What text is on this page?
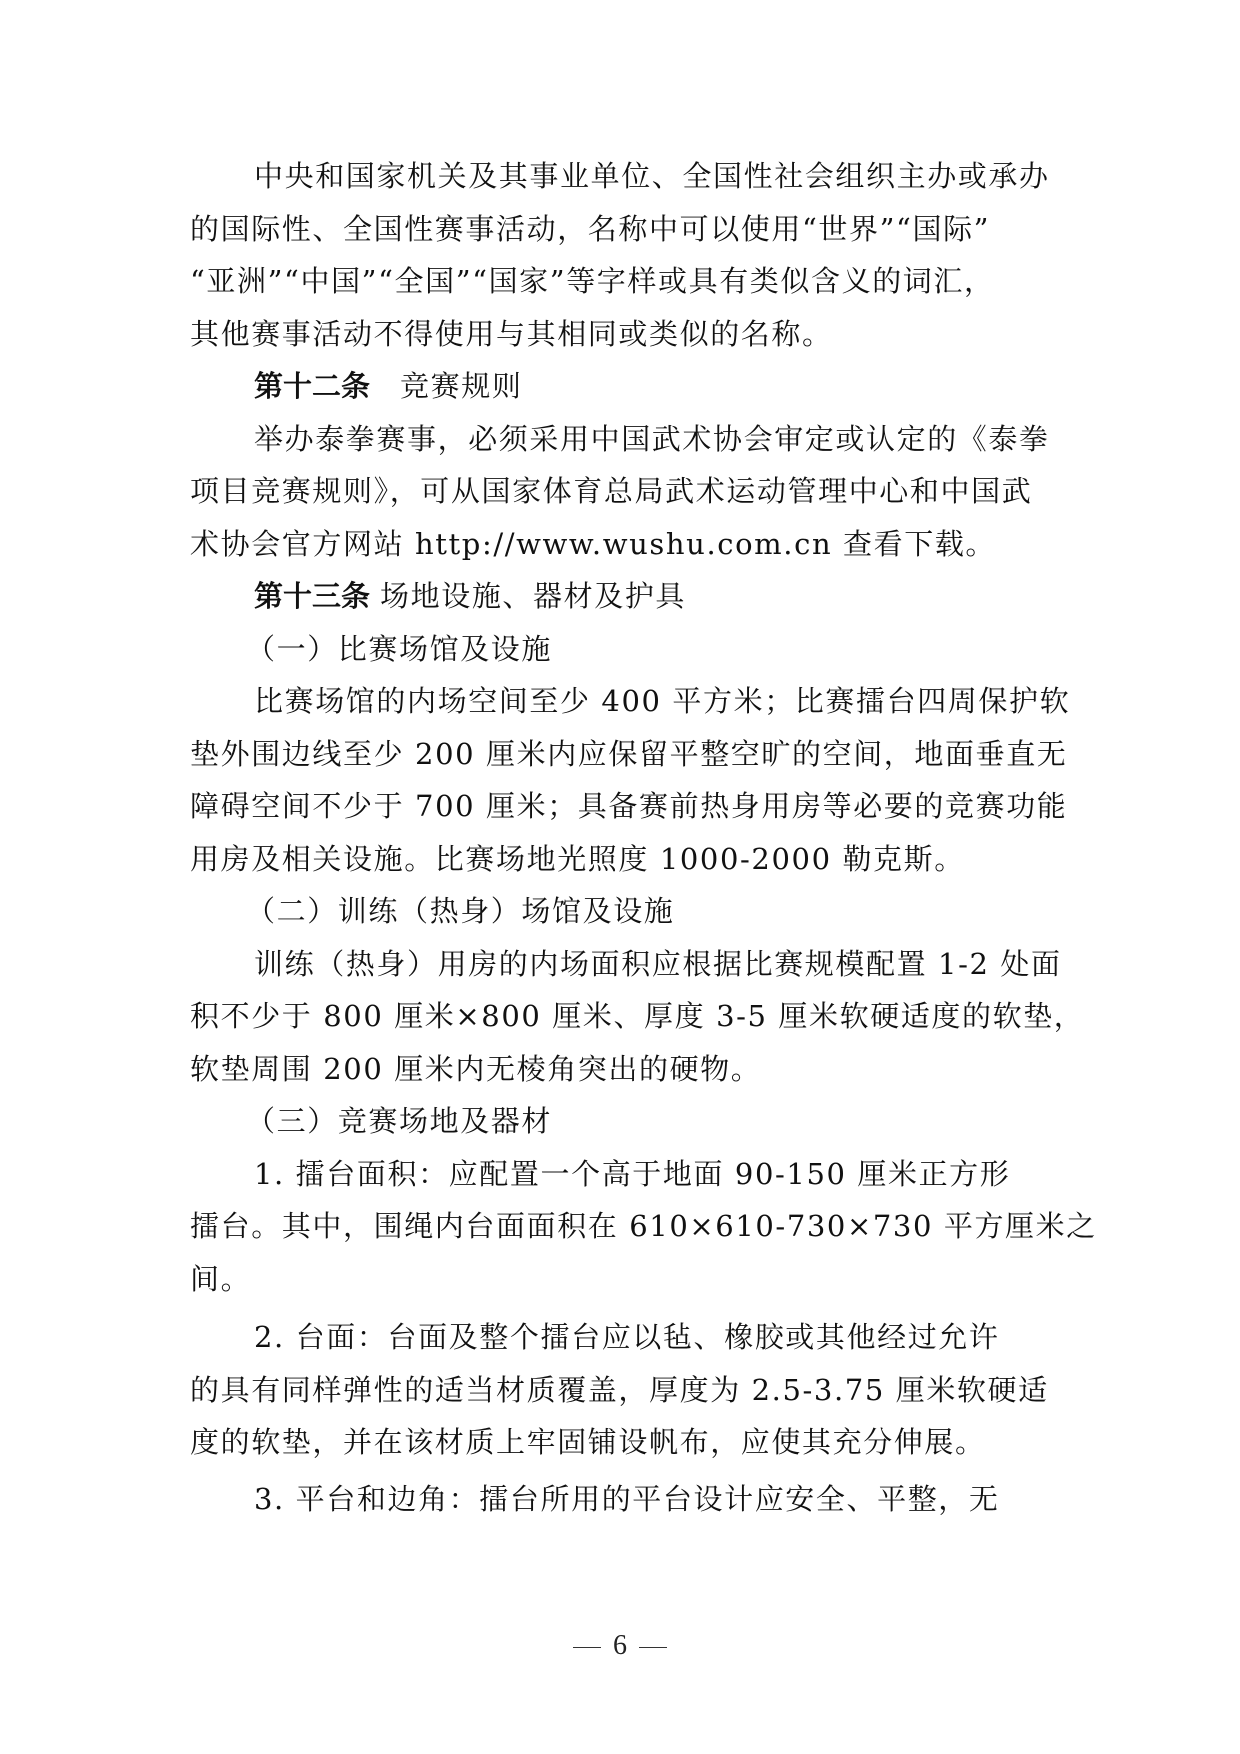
中央和国家机关及其事业单位、全国性社会组织主办或承办
的国际性、全国性赛事活动，名称中可以使用“世界”“国际”
“亚洲”“中国”“全国”“国家”等字样或具有类似含义的词汇，
其他赛事活动不得使用与其相同或类似的名称。
第十二条 竞赛规则
举办泰拳赛事，必须采用中国武术协会审定或认定的《泰拳
项目竞赛规则》，可从国家体育总局武术运动管理中心和中国武
术协会官方网站 http://www.wushu.com.cn 查看下载。
第十三条 场地设施、器材及护具
（一）比赛场馆及设施
比赛场馆的内场空间至少 400 平方米；比赛擂台四周保护软
垫外围边线至少 200 厘米内应保留平整空旷的空间，地面垂直无
障碍空间不少于 700 厘米；具备赛前热身用房等必要的竞赛功能
用房及相关设施。比赛场地光照度 1000-2000 勒克斯。
（二）训练（热身）场馆及设施
训练（热身）用房的内场面积应根据比赛规模配置 1-2 处面
积不少于 800 厘米×800 厘米、厚度 3-5 厘米软硬适度的软垫，
软垫周围 200 厘米内无棱角突出的硬物。
（三）竞赛场地及器材
1. 擂台面积：应配置一个高于地面 90-150 厘米正方形
擂台。其中，围绳内台面面积在 610×610-730×730 平方厘米之
间。
2. 台面：台面及整个擂台应以毡、橡胶或其他经过允许
的具有同样弹性的适当材质覆盖，厚度为 2.5-3.75 厘米软硬适
度的软垫，并在该材质上牢固铺设帆布，应使其充分伸展。
3. 平台和边角：擂台所用的平台设计应安全、平整，无
6
